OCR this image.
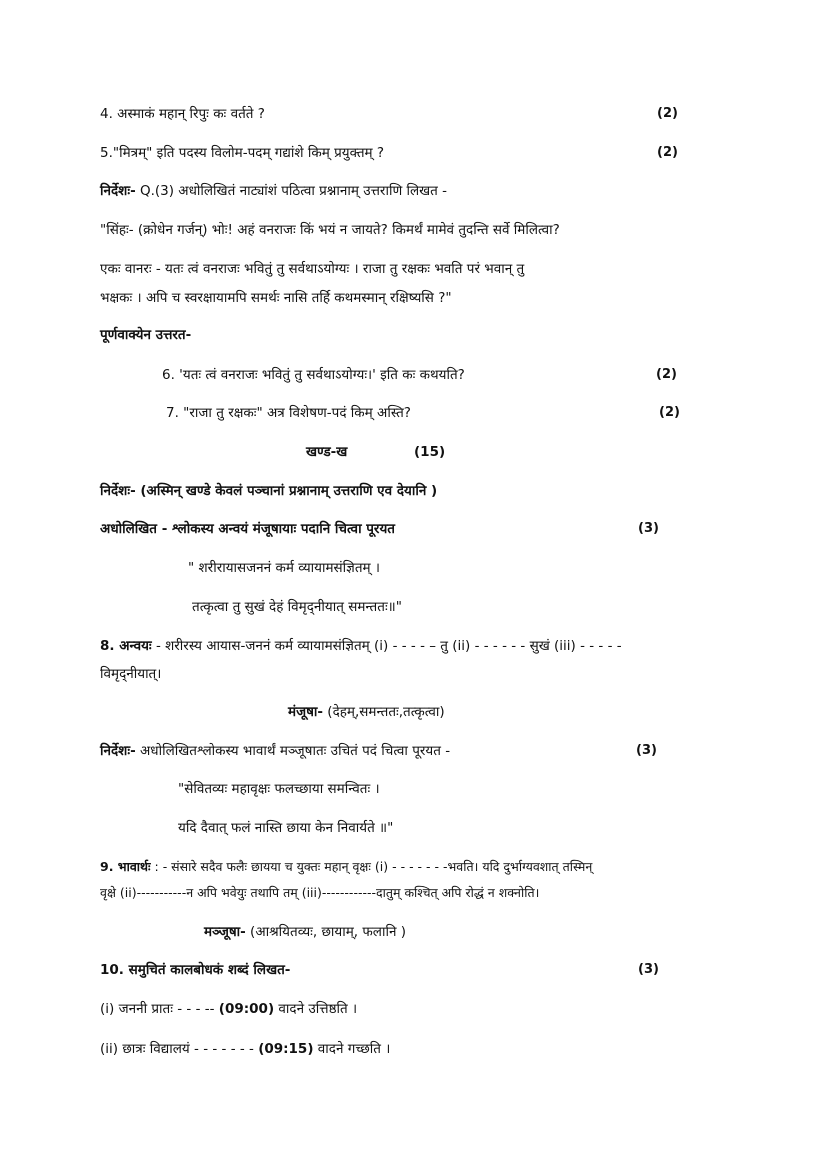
4. अस्माकं महान् रिपुः कः वर्तते ?	(2)
5."मित्रम्" इति पदस्य विलोम-पदम् गद्यांशे किम् प्रयुक्तम् ?	(2)
निर्देशः- Q.(3) अधोलिखितं नाट्यांशं पठित्वा प्रश्नानाम् उत्तराणि लिखत -
"सिंहः- (क्रोधेन गर्जन्) भोः! अहं वनराजः किं भयं न जायते? किमर्थं मामेवं तुदन्ति सर्वे मिलित्वा?
एकः वानरः - यतः त्वं वनराजः भवितुं तु सर्वथाऽयोग्यः । राजा तु रक्षकः भवति परं भवान् तु
भक्षकः । अपि च स्वरक्षायामपि समर्थः नासि तर्हि कथमस्मान् रक्षिष्यसि ?"
पूर्णवाक्येन उत्तरत-
6. 'यतः त्वं वनराजः भवितुं तु सर्वथाऽयोग्यः।' इति कः कथयति?	(2)
7. "राजा तु रक्षकः" अत्र विशेषण-पदं किम् अस्ति?	(2)
खण्ड-ख	(15)
निर्देशः- (अस्मिन् खण्डे केवलं पञ्चानां प्रश्नानाम् उत्तराणि एव देयानि )
अधोलिखित - श्लोकस्य अन्वयं मंजूषायाः पदानि चित्वा पूरयत	(3)
" शरीरायासजननं कर्म व्यायामसंज्ञितम् ।
तत्कृत्वा तु सुखं देहं विमृद्नीयात् समन्ततः॥"
8. अन्वयः - शरीरस्य आयास-जननं कर्म व्यायामसंज्ञितम् (i) - - - - – तु (ii) - - - - - - सुखं (iii) - - - - -
विमृद्नीयात्।
मंजूषा- (देहम्,समन्ततः,तत्कृत्वा)
निर्देशः- अधोलिखितश्लोकस्य भावार्थं मञ्जूषातः उचितं पदं चित्वा पूरयत -	(3)
"सेवितव्यः महावृक्षः फलच्छाया समन्वितः ।
यदि दैवात् फलं नास्ति छाया केन निवार्यते ॥"
9. भावार्थः : - संसारे सदैव फलैः छायया च युक्तः महान् वृक्षः (i) - - - - - - -भवति। यदि दुर्भाग्यवशात् तस्मिन्
वृक्षे (ii)-----------न अपि भवेयुः तथापि तम् (iii)------------दातुम् कश्चित् अपि रोद्धं न शक्नोति।
मञ्जूषा- (आश्रयितव्यः, छायाम्, फलानि )
10. समुचितं कालबोधकं शब्दं लिखत-	(3)
(i) जननी प्रातः - - - -- (09:00) वादने उत्तिष्ठति ।
(ii) छात्रः विद्यालयं - - - - - - - (09:15) वादने गच्छति ।
